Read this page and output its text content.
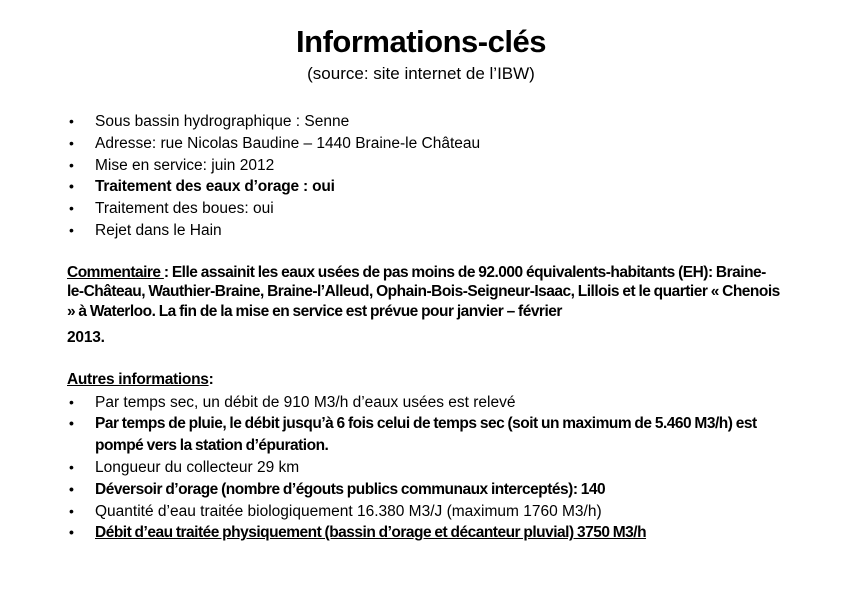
Informations-clés
(source: site internet de l’IBW)
• Sous bassin hydrographique : Senne
• Adresse: rue Nicolas Baudine – 1440 Braine-le Château
• Mise en service: juin 2012
• Traitement des eaux d’orage : oui
• Traitement des boues: oui
• Rejet dans le Hain

Commentaire : Elle assainit les eaux usées de pas moins de 92.000 équivalents-habitants (EH): Braine-le-Château, Wauthier-Braine, Braine-l’Alleud, Ophain-Bois-Seigneur-Isaac, Lillois et le quartier « Chenois » à Waterloo. La fin de la mise en service est prévue pour janvier – février

2013.

Autres informations:

• Par temps sec, un débit de 910 M3/h d’eaux usées est relevé
• Par temps de pluie, le débit jusqu’à 6 fois celui de temps sec (soit un maximum de 5.460 M3/h) est pompé vers la station d’épuration.
• Longueur du collecteur 29 km
• Déversoir d’orage (nombre d’égouts publics communaux interceptés): 140
• Quantité d’eau traitée biologiquement 16.380 M3/J (maximum 1760 M3/h)
• Débit d’eau traitée physiquement (bassin d’orage et décanteur pluvial) 3750 M3/h
